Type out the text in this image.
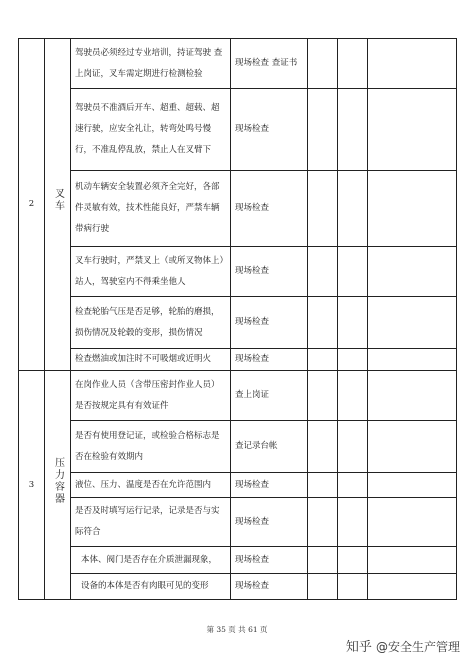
2	叉车	驾驶员必须经过专业培训，持证驾驶 查上岗证，叉车需定期进行检测检验	现场检查 查证书			
		驾驶员不准酒后开车、超重、超载、超速行驶，应安全礼让，转弯处鸣号慢行，不准乱停乱放，禁止人在叉臂下	现场检查			
		机动车辆安全装置必须齐全完好，各部件灵敏有效，技术性能良好，严禁车辆带病行驶	现场检查			
		叉车行驶时，严禁叉上（或所叉物体上）站人，驾驶室内不得乘坐他人	现场检查			
		检查轮胎气压是否足够，轮胎的磨损，损伤情况及轮毂的变形，损伤情况	现场检查			
		检查燃油或加注时不可吸烟或近明火	现场检查			
3	压力容器	在岗作业人员（含带压密封作业人员）是否按规定具有有效证件	查上岗证			
		是否有使用登记证，或检验合格标志是否在检验有效期内	查记录台帐			
		液位、压力、温度是否在允许范围内	现场检查			
		是否及时填写运行记录，记录是否与实际符合	现场检查			
		本体、阀门是否存在介质泄漏现象，	现场检查			
		设备的本体是否有肉眼可见的变形	现场检查			
第 35 页 共 61 页
知乎 @安全生产管理
